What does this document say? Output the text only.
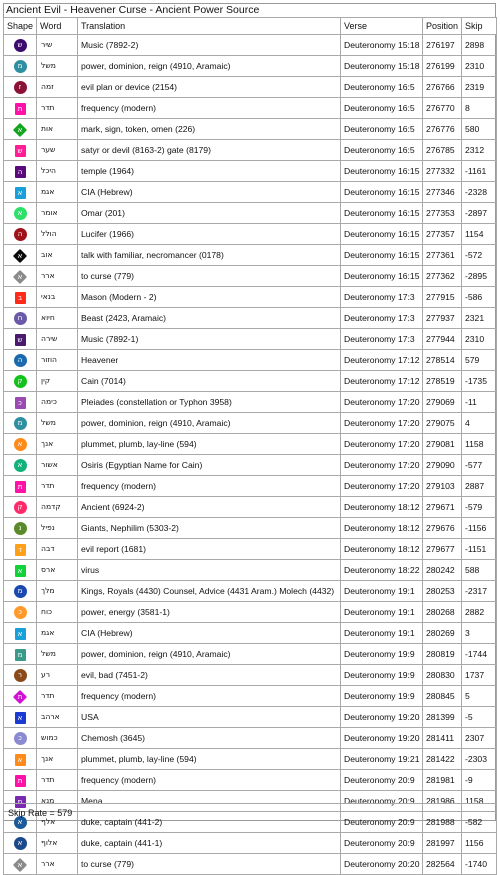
Ancient Evil - Heavener Curse - Ancient Power Source
Shape	Word	Translation	Verse	Position	Skip

ש	שיר	Music (7892-2)	Deuteronomy 15:18	276197	2898

מ	משל	power, dominion, reign (4910, Aramaic)	Deuteronomy 15:18	276199	2310

ז	זמה	evil plan or device (2154)	Deuteronomy 16:5	276766	2319

ת	תדר	frequency (modern)	Deuteronomy 16:5	276770	8

א	אות	mark, sign, token, omen (226)	Deuteronomy 16:5	276776	580

ש	שער	satyr or devil (8163-2) gate (8179)	Deuteronomy 16:5	276785	2312

ה	היכל	temple (1964)	Deuteronomy 16:15	277332	-1161

א	אגמ	CIA (Hebrew)	Deuteronomy 16:15	277346	-2328

א	אומר	Omar (201)	Deuteronomy 16:15	277353	-2897

ה	הולל	Lucifer (1966)	Deuteronomy 16:15	277357	1154

א	אוב	talk with familiar, necromancer (0178)	Deuteronomy 16:15	277361	-572

א	ארר	to curse (779)	Deuteronomy 16:15	277362	-2895

ב	בנאי	Mason (Modern - 2)	Deuteronomy 17:3	277915	-586

ח	חיוא	Beast (2423, Aramaic)	Deuteronomy 17:3	277937	2321

ש	שירה	Music (7892-1)	Deuteronomy 17:3	277944	2310

ה	הוזור	Heavener	Deuteronomy 17:12	278514	579

ק	קין	Cain (7014)	Deuteronomy 17:12	278519	-1735

כ	כימה	Pleiades (constellation or Typhon 3958)	Deuteronomy 17:20	279069	-11

מ	משל	power, dominion, reign (4910, Aramaic)	Deuteronomy 17:20	279075	4

א	אנך	plummet, plumb, lay-line (594)	Deuteronomy 17:20	279081	1158

א	אשור	Osiris (Egyptian Name for Cain)	Deuteronomy 17:20	279090	-577

ת	תדר	frequency (modern)	Deuteronomy 17:20	279103	2887

ק	קדמה	Ancient (6924-2)	Deuteronomy 18:12	279671	-579

נ	נפיל	Giants, Nephilim (5303-2)	Deuteronomy 18:12	279676	-1156

ד	דבה	evil report (1681)	Deuteronomy 18:12	279677	-1151

א	ארס	virus	Deuteronomy 18:22	280242	588

מ	מלך	Kings, Royals (4430) Counsel, Advice (4431 Aram.) Molech (4432)	Deuteronomy 19:1	280253	-2317

כ	כוח	power, energy (3581-1)	Deuteronomy 19:1	280268	2882

א	אגמ	CIA (Hebrew)	Deuteronomy 19:1	280269	3

מ	משל	power, dominion, reign (4910, Aramaic)	Deuteronomy 19:9	280819	-1744

ר	רע	evil, bad (7451-2)	Deuteronomy 19:9	280830	1737

ת	תדר	frequency (modern)	Deuteronomy 19:9	280845	5

א	ארהב	USA	Deuteronomy 19:20	281399	-5

כ	כמוש	Chemosh (3645)	Deuteronomy 19:20	281411	2307

א	אנך	plummet, plumb, lay-line (594)	Deuteronomy 19:21	281422	-2303

ת	תדר	frequency (modern)	Deuteronomy 20:9	281981	-9

מ	מנא	Mena	Deuteronomy 20:9	281986	1158

א	אלף	duke, captain (441-2)	Deuteronomy 20:9	281988	-582

א	אלוף	duke, captain (441-1)	Deuteronomy 20:9	281997	1156

א	ארר	to curse (779)	Deuteronomy 20:20	282564	-1740
Skip Rate = 579
